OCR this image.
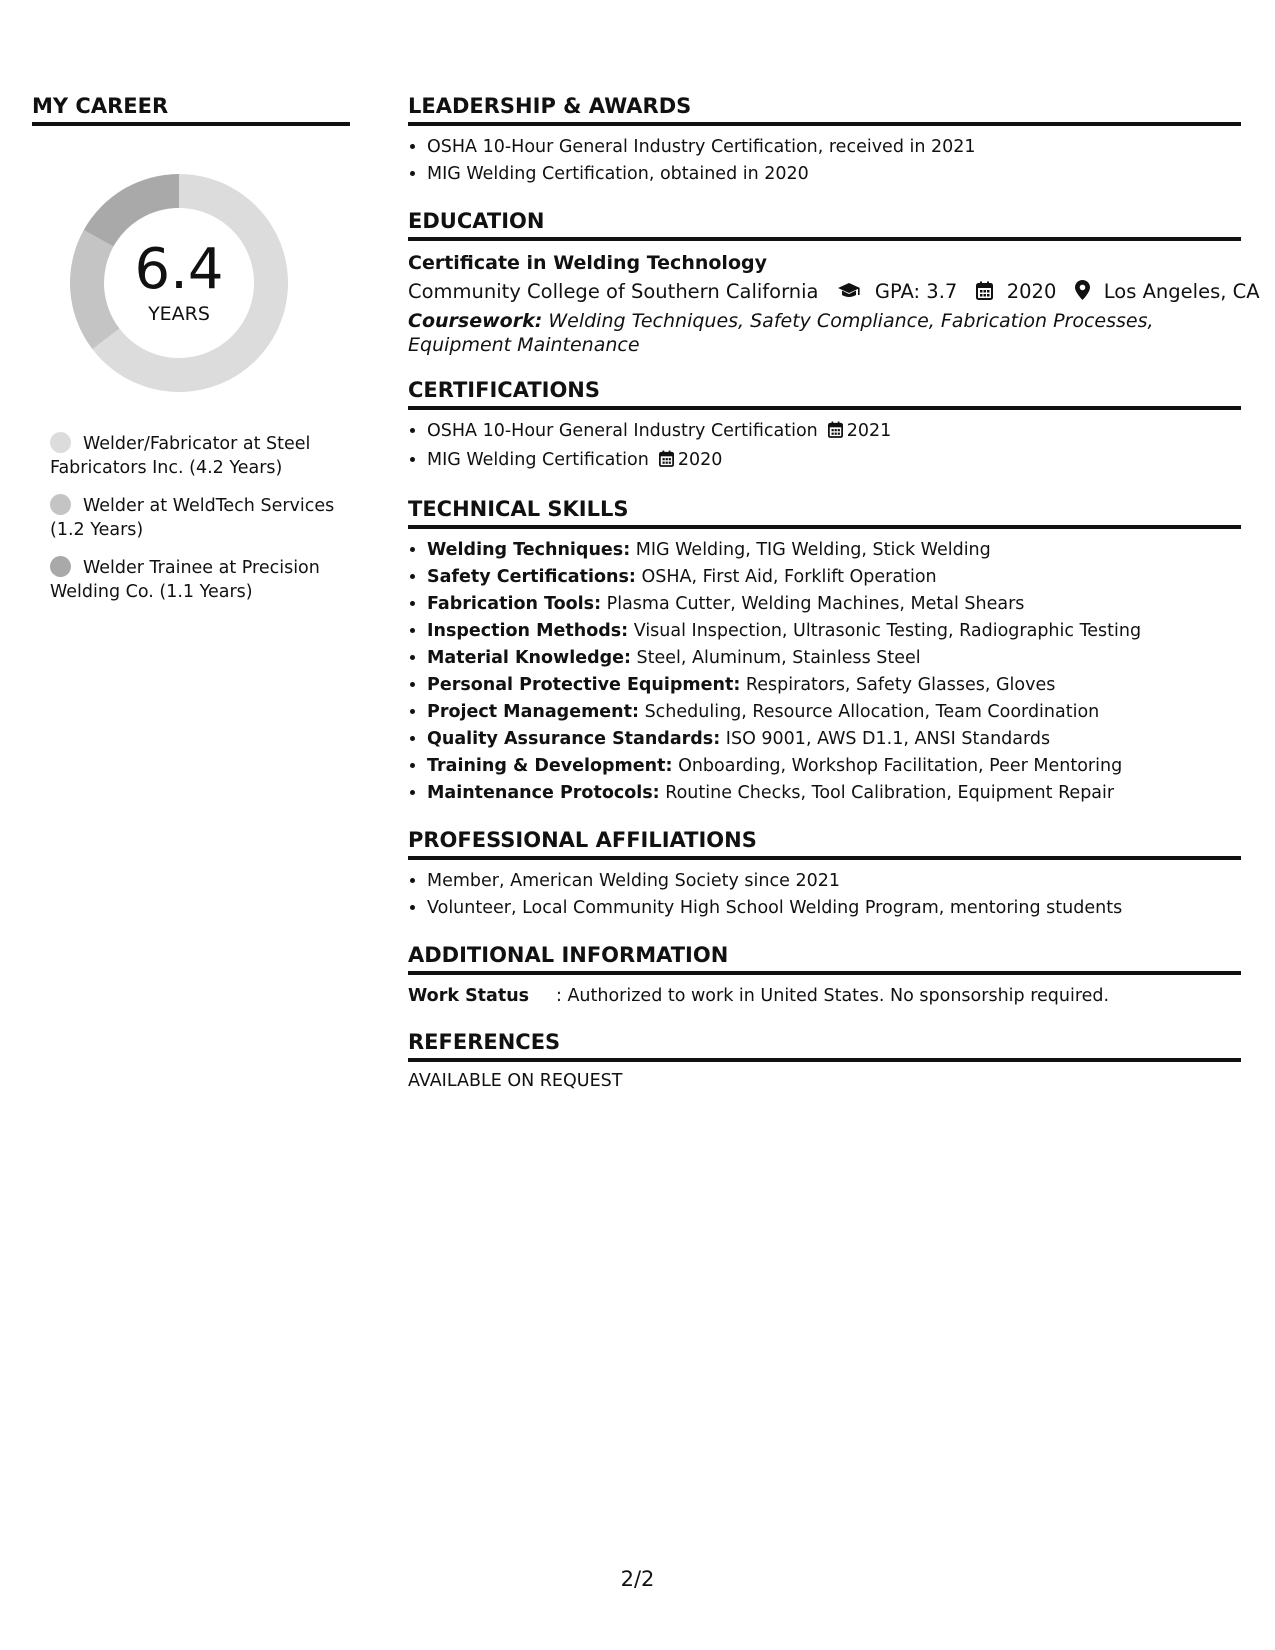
MY CAREER
6.4
YEARS
Welder/Fabricator at Steel Fabricators Inc. (4.2 Years)
Welder at WeldTech Services (1.2 Years)
Welder Trainee at Precision Welding Co. (1.1 Years)
LEADERSHIP & AWARDS
• OSHA 10-Hour General Industry Certification, received in 2021
• MIG Welding Certification, obtained in 2020
EDUCATION
Certificate in Welding Technology
Community College of Southern California	GPA: 3.7	2020 Los Angeles, CA
Coursework: Welding Techniques, Safety Compliance, Fabrication Processes, Equipment Maintenance
CERTIFICATIONS
• OSHA 10-Hour General Industry Certification 2021
• MIG Welding Certification 2020
TECHNICAL SKILLS
• Welding Techniques: MIG Welding, TIG Welding, Stick Welding
• Safety Certifications: OSHA, First Aid, Forklift Operation
• Fabrication Tools: Plasma Cutter, Welding Machines, Metal Shears
• Inspection Methods: Visual Inspection, Ultrasonic Testing, Radiographic Testing
• Material Knowledge: Steel, Aluminum, Stainless Steel
• Personal Protective Equipment: Respirators, Safety Glasses, Gloves
• Project Management: Scheduling, Resource Allocation, Team Coordination
• Quality Assurance Standards: ISO 9001, AWS D1.1, ANSI Standards
• Training & Development: Onboarding, Workshop Facilitation, Peer Mentoring
• Maintenance Protocols: Routine Checks, Tool Calibration, Equipment Repair
PROFESSIONAL AFFILIATIONS
• Member, American Welding Society since 2021
• Volunteer, Local Community High School Welding Program, mentoring students
ADDITIONAL INFORMATION
Work Status : Authorized to work in United States. No sponsorship required.
REFERENCES
AVAILABLE ON REQUEST
2/2
